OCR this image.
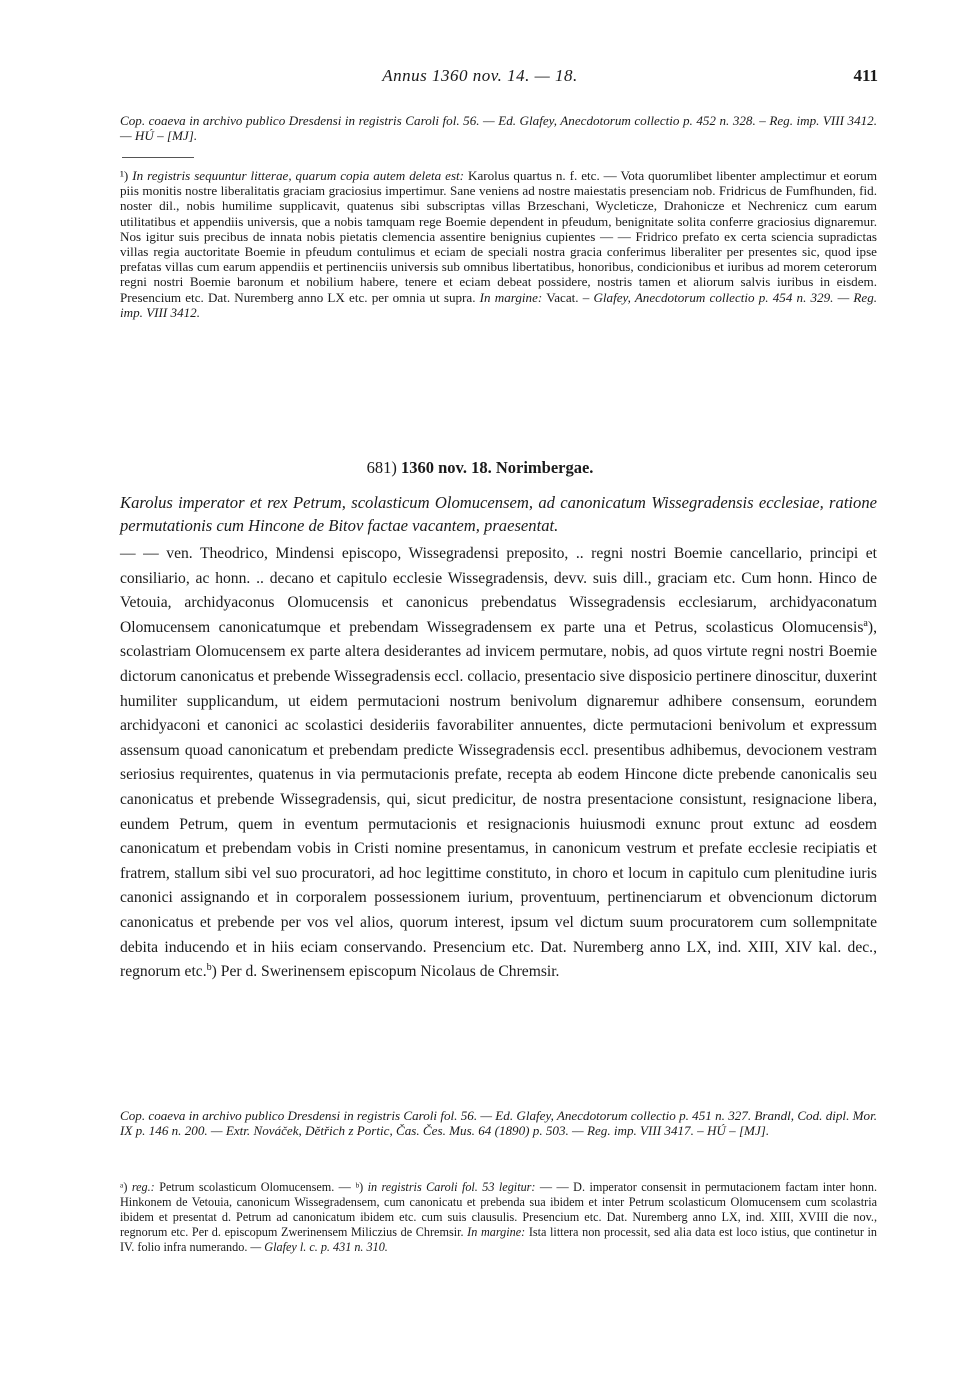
Annus 1360 nov. 14. — 18.	411
Cop. coaeva in archivo publico Dresdensi in registris Caroli fol. 56. — Ed. Glafey, Anecdotorum collectio p. 452 n. 328. – Reg. imp. VIII 3412. — HÚ – [MJ].
¹) In registris sequuntur litterae, quarum copia autem deleta est: Karolus quartus n. f. etc. — Vota quorumlibet libenter amplectimur et eorum piis monitis nostre liberalitatis graciam graciosius impertimur. Sane veniens ad nostre maiestatis presenciam nob. Fridricus de Fumfhunden, fid. noster dil., nobis humilime supplicavit, quatenus sibi subscriptas villas Brzeschani, Wycleticze, Drahonicze et Nechrenicz cum earum utilitatibus et appendiis universis, que a nobis tamquam rege Boemie dependent in pfeudum, benignitate solita conferre graciosius dignaremur. Nos igitur suis precibus de innata nobis pietatis clemencia assentire benignius cupientes — — Fridrico prefato ex certa sciencia supradictas villas regia auctoritate Boemie in pfeudum contulimus et eciam de speciali nostra gracia conferimus liberaliter per presentes sic, quod ipse prefatas villas cum earum appendiis et pertinenciis universis sub omnibus libertatibus, honoribus, condicionibus et iuribus ad morem ceterorum regni nostri Boemie baronum et nobilium habere, tenere et eciam debeat possidere, nostris tamen et aliorum salvis iuribus in eisdem. Presencium etc. Dat. Nuremberg anno LX etc. per omnia ut supra. In margine: Vacat. – Glafey, Anecdotorum collectio p. 454 n. 329. — Reg. imp. VIII 3412.
681) 1360 nov. 18. Norimbergae.
Karolus imperator et rex Petrum, scolasticum Olomucensem, ad canonicatum Wissegradensis ecclesiae, ratione permutationis cum Hincone de Bitov factae vacantem, praesentat.
— — ven. Theodrico, Mindensi episcopo, Wissegradensi preposito, .. regni nostri Boemie cancellario, principi et consiliario, ac honn. .. decano et capitulo ecclesie Wissegradensis, devv. suis dill., graciam etc. Cum honn. Hinco de Vetouia, archidyaconus Olomucensis et canonicus prebendatus Wissegradensis ecclesiarum, archidyaconatum Olomucensem canonicatumque et prebendam Wissegradensem ex parte una et Petrus, scolasticus Olomucensis$^a$), scolastriam Olomucensem ex parte altera desiderantes ad invicem permutare, nobis, ad quos virtute regni nostri Boemie dictorum canonicatus et prebende Wissegradensis eccl. collacio, presentacio sive disposicio pertinere dinoscitur, duxerint humiliter supplicandum, ut eidem permutacioni nostrum benivolum dignaremur adhibere consensum, eorundem archidyaconi et canonici ac scolastici desideriis favorabiliter annuentes, dicte permutacioni benivolum et expressum assensum quoad canonicatum et prebendam predicte Wissegradensis eccl. presentibus adhibemus, devocionem vestram seriosius requirentes, quatenus in via permutacionis prefate, recepta ab eodem Hincone dicte prebende canonicalis seu canonicatus et prebende Wissegradensis, qui, sicut predicitur, de nostra presentacione consistunt, resignacione libera, eundem Petrum, quem in eventum permutacionis et resignacionis huiusmodi exnunc prout extunc ad eosdem canonicatum et prebendam vobis in Cristi nomine presentamus, in canonicum vestrum et prefate ecclesie recipiatis et fratrem, stallum sibi vel suo procuratori, ad hoc legittime constituto, in choro et locum in capitulo cum plenitudine iuris canonici assignando et in corporalem possessionem iurium, proventuum, pertinenciarum et obvencionum dictorum canonicatus et prebende per vos vel alios, quorum interest, ipsum vel dictum suum procuratorem cum sollempnitate debita inducendo et in hiis eciam conservando. Presencium etc. Dat. Nuremberg anno LX, ind. XIII, XIV kal. dec., regnorum etc.$^b$) Per d. Swerinensem episcopum Nicolaus de Chremsir.
Cop. coaeva in archivo publico Dresdensi in registris Caroli fol. 56. — Ed. Glafey, Anecdotorum collectio p. 451 n. 327. Brandl, Cod. dipl. Mor. IX p. 146 n. 200. — Extr. Nováček, Dětřich z Portic, Čas. Čes. Mus. 64 (1890) p. 503. — Reg. imp. VIII 3417. – HÚ – [MJ].
ᵃ) reg.: Petrum scolasticum Olomucensem. — ᵇ) in registris Caroli fol. 53 legitur: — — D. imperator consensit in permutacionem factam inter honn. Hinkonem de Vetouia, canonicum Wissegradensem, cum canonicatu et prebenda sua ibidem et inter Petrum scolasticum Olomucensem cum scolastria ibidem et presentat d. Petrum ad canonicatum ibidem etc. cum suis clausulis. Presencium etc. Dat. Nuremberg anno LX, ind. XIII, XVIII die nov., regnorum etc. Per d. episcopum Zwerinensem Miliczius de Chremsir. In margine: Ista littera non processit, sed alia data est loco istius, que continetur in IV. folio infra numerando. — Glafey l. c. p. 431 n. 310.
